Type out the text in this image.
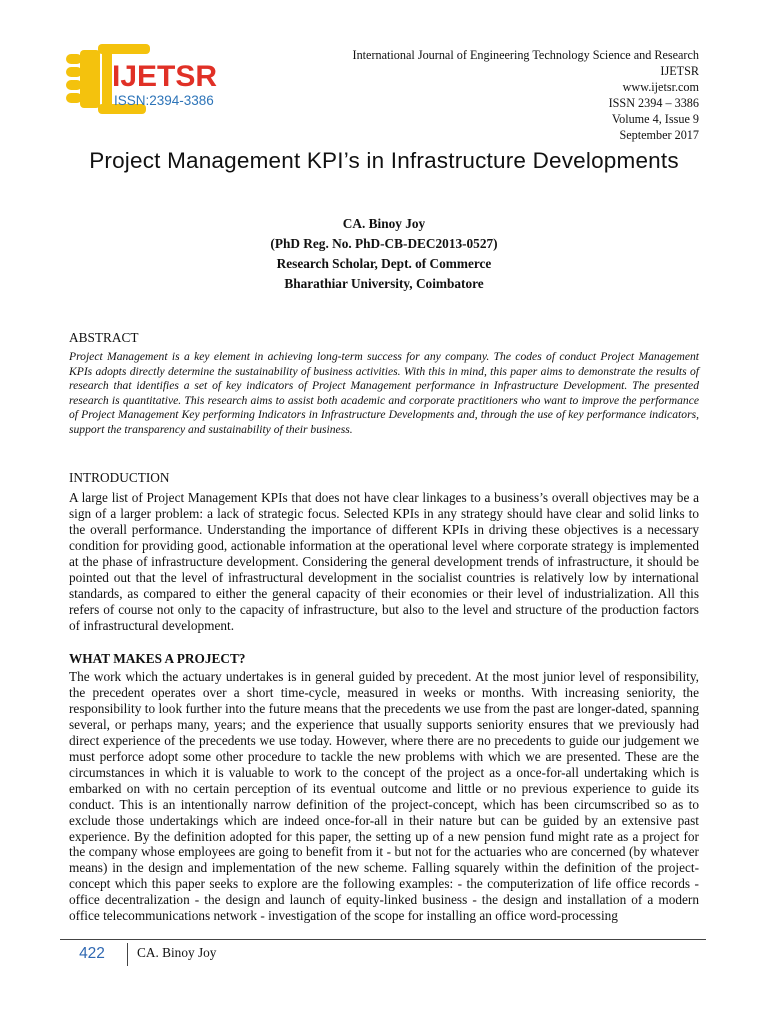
IJETSR
ISSN:2394-3386
International Journal of Engineering Technology Science and Research
IJETSR
www.ijetsr.com
ISSN 2394 – 3386
Volume 4, Issue 9
September 2017
Project Management KPI’s in Infrastructure Developments
CA. Binoy Joy
(PhD Reg. No. PhD-CB-DEC2013-0527)
Research Scholar, Dept. of Commerce
Bharathiar University, Coimbatore
ABSTRACT

Project Management is a key element in achieving long-term success for any company. The codes of conduct Project Management KPIs adopts directly determine the sustainability of business activities. With this in mind, this paper aims to demonstrate the results of research that identifies a set of key indicators of Project Management performance in Infrastructure Development. The presented research is quantitative. This research aims to assist both academic and corporate practitioners who want to improve the performance of Project Management Key performing Indicators in Infrastructure Developments and, through the use of key performance indicators, support the transparency and sustainability of their business.

INTRODUCTION

A large list of Project Management KPIs that does not have clear linkages to a business’s overall objectives may be a sign of a larger problem: a lack of strategic focus. Selected KPIs in any strategy should have clear and solid links to the overall performance. Understanding the importance of different KPIs in driving these objectives is a necessary condition for providing good, actionable information at the operational level where corporate strategy is implemented at the phase of infrastructure development. Considering the general development trends of infrastructure, it should be pointed out that the level of infrastructural development in the socialist countries is relatively low by international standards, as compared to either the general capacity of their economies or their level of industrialization. All this refers of course not only to the capacity of infrastructure, but also to the level and structure of the production factors of infrastructural development.

WHAT MAKES A PROJECT?

The work which the actuary undertakes is in general guided by precedent. At the most junior level of responsibility, the precedent operates over a short time-cycle, measured in weeks or months. With increasing seniority, the responsibility to look further into the future means that the precedents we use from the past are longer-dated, spanning several, or perhaps many, years; and the experience that usually supports seniority ensures that we previously had direct experience of the precedents we use today. However, where there are no precedents to guide our judgement we must perforce adopt some other procedure to tackle the new problems with which we are presented. These are the circumstances in which it is valuable to work to the concept of the project as a once-for-all undertaking which is embarked on with no certain perception of its eventual outcome and little or no previous experience to guide its conduct. This is an intentionally narrow definition of the project-concept, which has been circumscribed so as to exclude those undertakings which are indeed once-for-all in their nature but can be guided by an extensive past experience. By the definition adopted for this paper, the setting up of a new pension fund might rate as a project for the company whose employees are going to benefit from it - but not for the actuaries who are concerned (by whatever means) in the design and implementation of the new scheme. Falling squarely within the definition of the project-concept which this paper seeks to explore are the following examples: - the computerization of life office records - office decentralization - the design and launch of equity-linked business - the design and installation of a modern office telecommunications network - investigation of the scope for installing an office word-processing

422	CA. Binoy Joy
